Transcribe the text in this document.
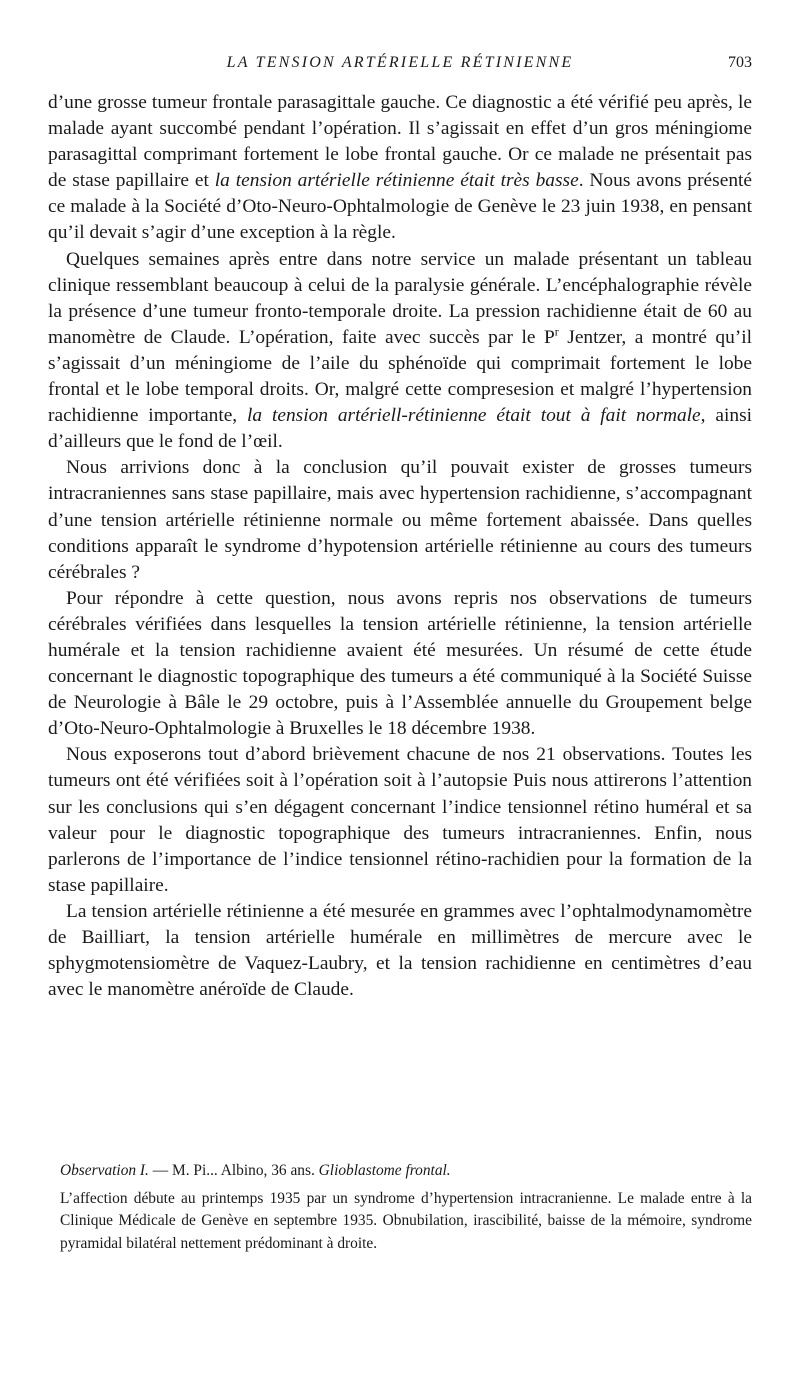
LA TENSION ARTÉRIELLE RÉTINIENNE	703

d’une grosse tumeur frontale parasagittale gauche. Ce diagnostic a été vérifié peu après, le malade ayant succombé pendant l’opération. Il s’agissait en effet d’un gros méningiome parasagittal comprimant fortement le lobe frontal gauche. Or ce malade ne présentait pas de stase papillaire et la tension artérielle rétinienne était très basse. Nous avons présenté ce malade à la Société d’Oto-Neuro-Ophtalmologie de Genève le 23 juin 1938, en pensant qu’il devait s’agir d’une exception à la règle.

Quelques semaines après entre dans notre service un malade présentant un tableau clinique ressemblant beaucoup à celui de la paralysie générale. L’encéphalographie révèle la présence d’une tumeur fronto-temporale droite. La pression rachidienne était de 60 au manomètre de Claude. L’opération, faite avec succès par le $P^r$ Jentzer, a montré qu’il s’agissait d’un méningiome de l’aile du sphénoïde qui comprimait fortement le lobe frontal et le lobe temporal droits. Or, malgré cette compresesion et malgré l’hypertension rachidienne importante, la tension artériell-rétinienne était tout à fait normale, ainsi d’ailleurs que le fond de l’œil.

Nous arrivions donc à la conclusion qu’il pouvait exister de grosses tumeurs intracraniennes sans stase papillaire, mais avec hypertension rachidienne, s’accompagnant d’une tension artérielle rétinienne normale ou même fortement abaissée. Dans quelles conditions apparaît le syndrome d’hypotension artérielle rétinienne au cours des tumeurs cérébrales ?

Pour répondre à cette question, nous avons repris nos observations de tumeurs cérébrales vérifiées dans lesquelles la tension artérielle rétinienne, la tension artérielle humérale et la tension rachidienne avaient été mesurées. Un résumé de cette étude concernant le diagnostic topographique des tumeurs a été communiqué à la Société Suisse de Neurologie à Bâle le 29 octobre, puis à l’Assemblée annuelle du Groupement belge d’Oto-Neuro-Ophtalmologie à Bruxelles le 18 décembre 1938.

Nous exposerons tout d’abord brièvement chacune de nos 21 observations. Toutes les tumeurs ont été vérifiées soit à l’opération soit à l’autopsie Puis nous attirerons l’attention sur les conclusions qui s’en dégagent concernant l’indice tensionnel rétino huméral et sa valeur pour le diagnostic topographique des tumeurs intracraniennes. Enfin, nous parlerons de l’importance de l’indice tensionnel rétino-rachidien pour la formation de la stase papillaire.

La tension artérielle rétinienne a été mesurée en grammes avec l’ophtalmodynamomètre de Bailliart, la tension artérielle humérale en millimètres de mercure avec le sphygmotensiomètre de Vaquez-Laubry, et la tension rachidienne en centimètres d’eau avec le manomètre anéroïde de Claude.

Observation I. — M. Pi... Albino, 36 ans. Glioblastome frontal.

L’affection débute au printemps 1935 par un syndrome d’hypertension intracranienne. Le malade entre à la Clinique Médicale de Genève en septembre 1935. Obnubilation, irascibilité, baisse de la mémoire, syndrome pyramidal bilatéral nettement prédominant à droite.
